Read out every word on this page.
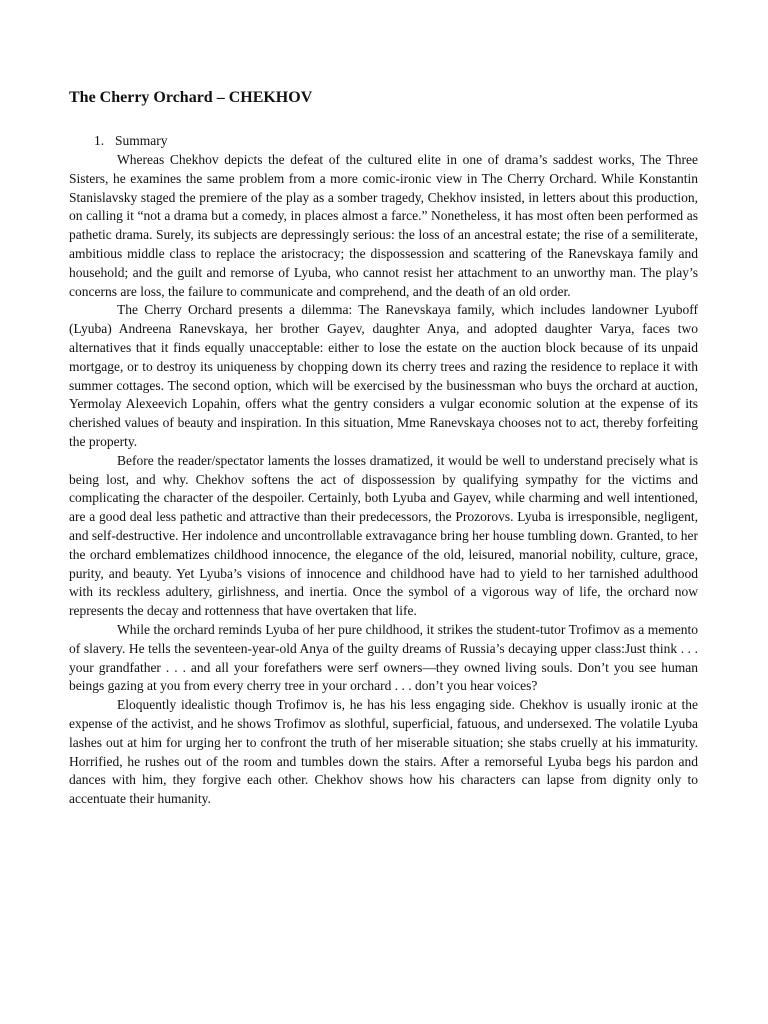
The Cherry Orchard – CHEKHOV
1. Summary

Whereas Chekhov depicts the defeat of the cultured elite in one of drama’s saddest works, The Three Sisters, he examines the same problem from a more comic-ironic view in The Cherry Orchard. While Konstantin Stanislavsky staged the premiere of the play as a somber tragedy, Chekhov insisted, in letters about this production, on calling it “not a drama but a comedy, in places almost a farce.” Nonetheless, it has most often been performed as pathetic drama. Surely, its subjects are depressingly serious: the loss of an ancestral estate; the rise of a semiliterate, ambitious middle class to replace the aristocracy; the dispossession and scattering of the Ranevskaya family and household; and the guilt and remorse of Lyuba, who cannot resist her attachment to an unworthy man. The play’s concerns are loss, the failure to communicate and comprehend, and the death of an old order.

The Cherry Orchard presents a dilemma: The Ranevskaya family, which includes landowner Lyuboff (Lyuba) Andreena Ranevskaya, her brother Gayev, daughter Anya, and adopted daughter Varya, faces two alternatives that it finds equally unacceptable: either to lose the estate on the auction block because of its unpaid mortgage, or to destroy its uniqueness by chopping down its cherry trees and razing the residence to replace it with summer cottages. The second option, which will be exercised by the businessman who buys the orchard at auction, Yermolay Alexeevich Lopahin, offers what the gentry considers a vulgar economic solution at the expense of its cherished values of beauty and inspiration. In this situation, Mme Ranevskaya chooses not to act, thereby forfeiting the property.

Before the reader/spectator laments the losses dramatized, it would be well to understand precisely what is being lost, and why. Chekhov softens the act of dispossession by qualifying sympathy for the victims and complicating the character of the despoiler. Certainly, both Lyuba and Gayev, while charming and well intentioned, are a good deal less pathetic and attractive than their predecessors, the Prozorovs. Lyuba is irresponsible, negligent, and self-destructive. Her indolence and uncontrollable extravagance bring her house tumbling down. Granted, to her the orchard emblematizes childhood innocence, the elegance of the old, leisured, manorial nobility, culture, grace, purity, and beauty. Yet Lyuba’s visions of innocence and childhood have had to yield to her tarnished adulthood with its reckless adultery, girlishness, and inertia. Once the symbol of a vigorous way of life, the orchard now represents the decay and rottenness that have overtaken that life.

While the orchard reminds Lyuba of her pure childhood, it strikes the student-tutor Trofimov as a memento of slavery. He tells the seventeen-year-old Anya of the guilty dreams of Russia’s decaying upper class:Just think . . . your grandfather . . . and all your forefathers were serf owners—they owned living souls. Don’t you see human beings gazing at you from every cherry tree in your orchard . . . don’t you hear voices?

Eloquently idealistic though Trofimov is, he has his less engaging side. Chekhov is usually ironic at the expense of the activist, and he shows Trofimov as slothful, superficial, fatuous, and undersexed. The volatile Lyuba lashes out at him for urging her to confront the truth of her miserable situation; she stabs cruelly at his immaturity. Horrified, he rushes out of the room and tumbles down the stairs. After a remorseful Lyuba begs his pardon and dances with him, they forgive each other. Chekhov shows how his characters can lapse from dignity only to accentuate their humanity.
